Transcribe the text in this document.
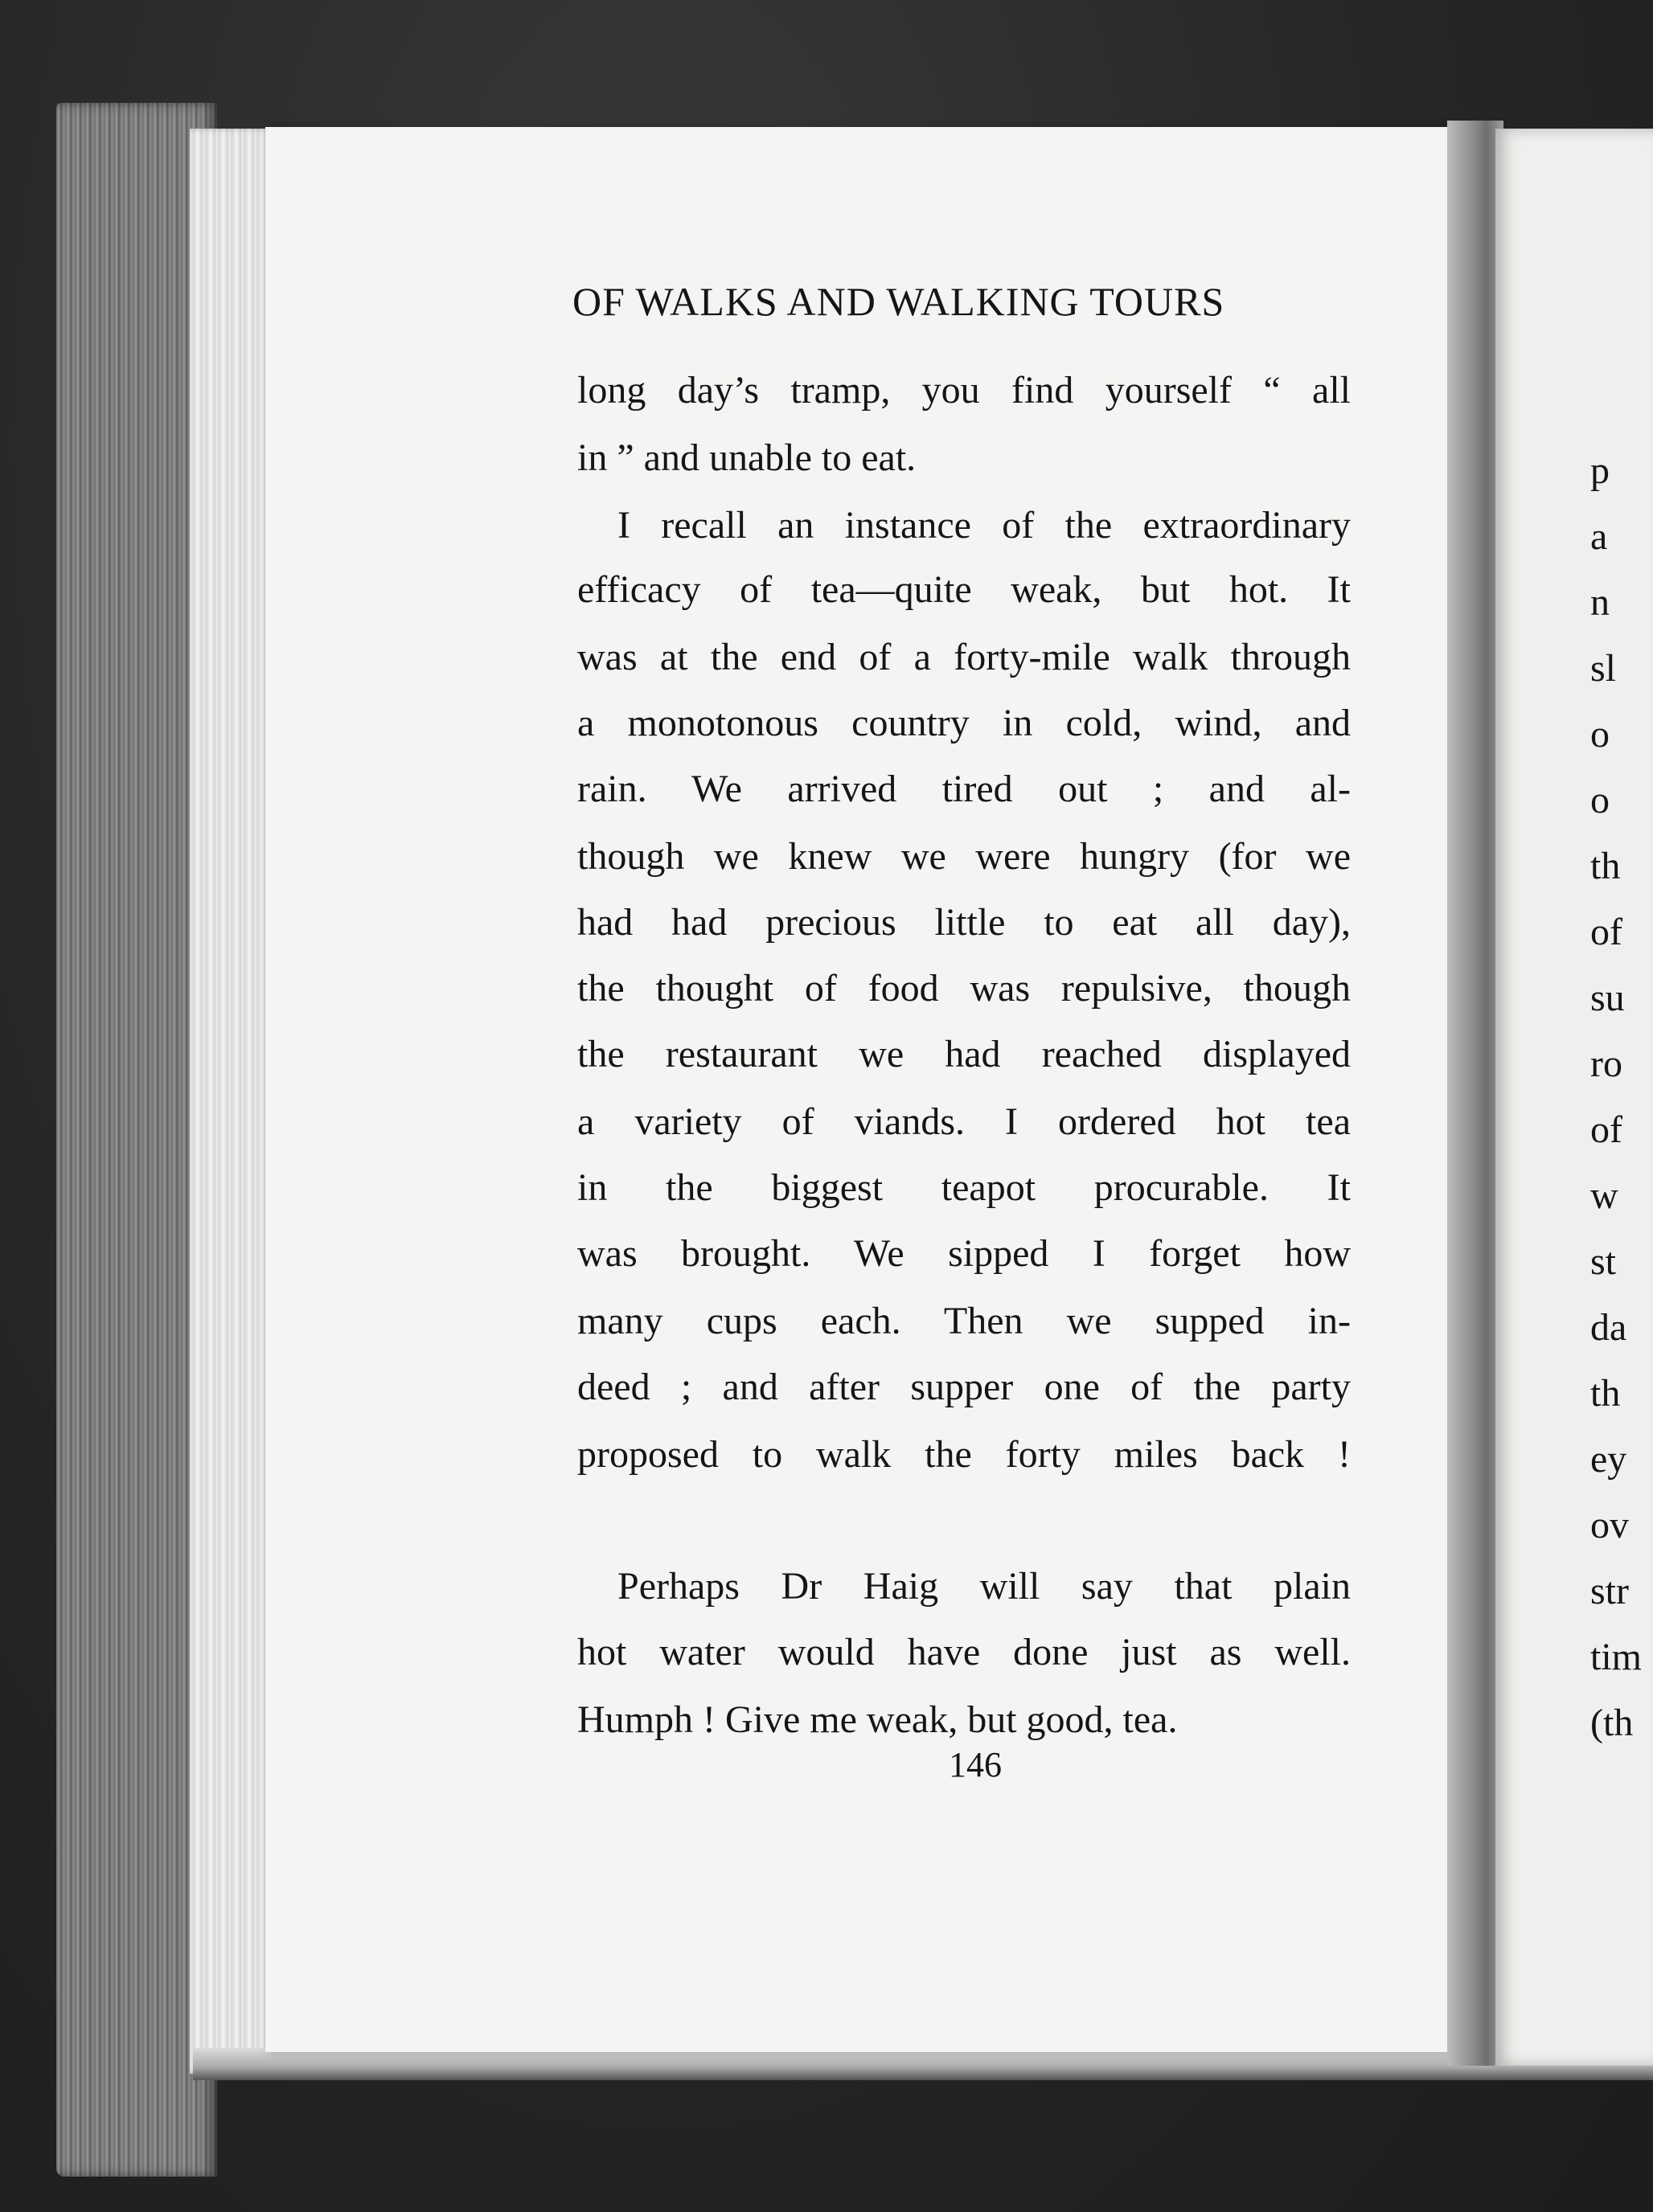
OF WALKS AND WALKING TOURS
long day’s tramp, you find yourself “ all
in ” and unable to eat.
I recall an instance of the extraordinary
efficacy of tea—quite weak, but hot. It
was at the end of a forty-mile walk through
a monotonous country in cold, wind, and
rain. We arrived tired out ; and al-
though we knew we were hungry (for we
had had precious little to eat all day),
the thought of food was repulsive, though
the restaurant we had reached displayed
a variety of viands. I ordered hot tea
in the biggest teapot procurable. It
was brought. We sipped I forget how
many cups each. Then we supped in-
deed ; and after supper one of the party
proposed to walk the forty miles back !
Perhaps Dr Haig will say that plain
hot water would have done just as well.
Humph ! Give me weak, but good, tea.
146
p
a
n
sl
o
o
th
of
su
ro
of
w
st
da
th
ey
ov
str
tim
(th
